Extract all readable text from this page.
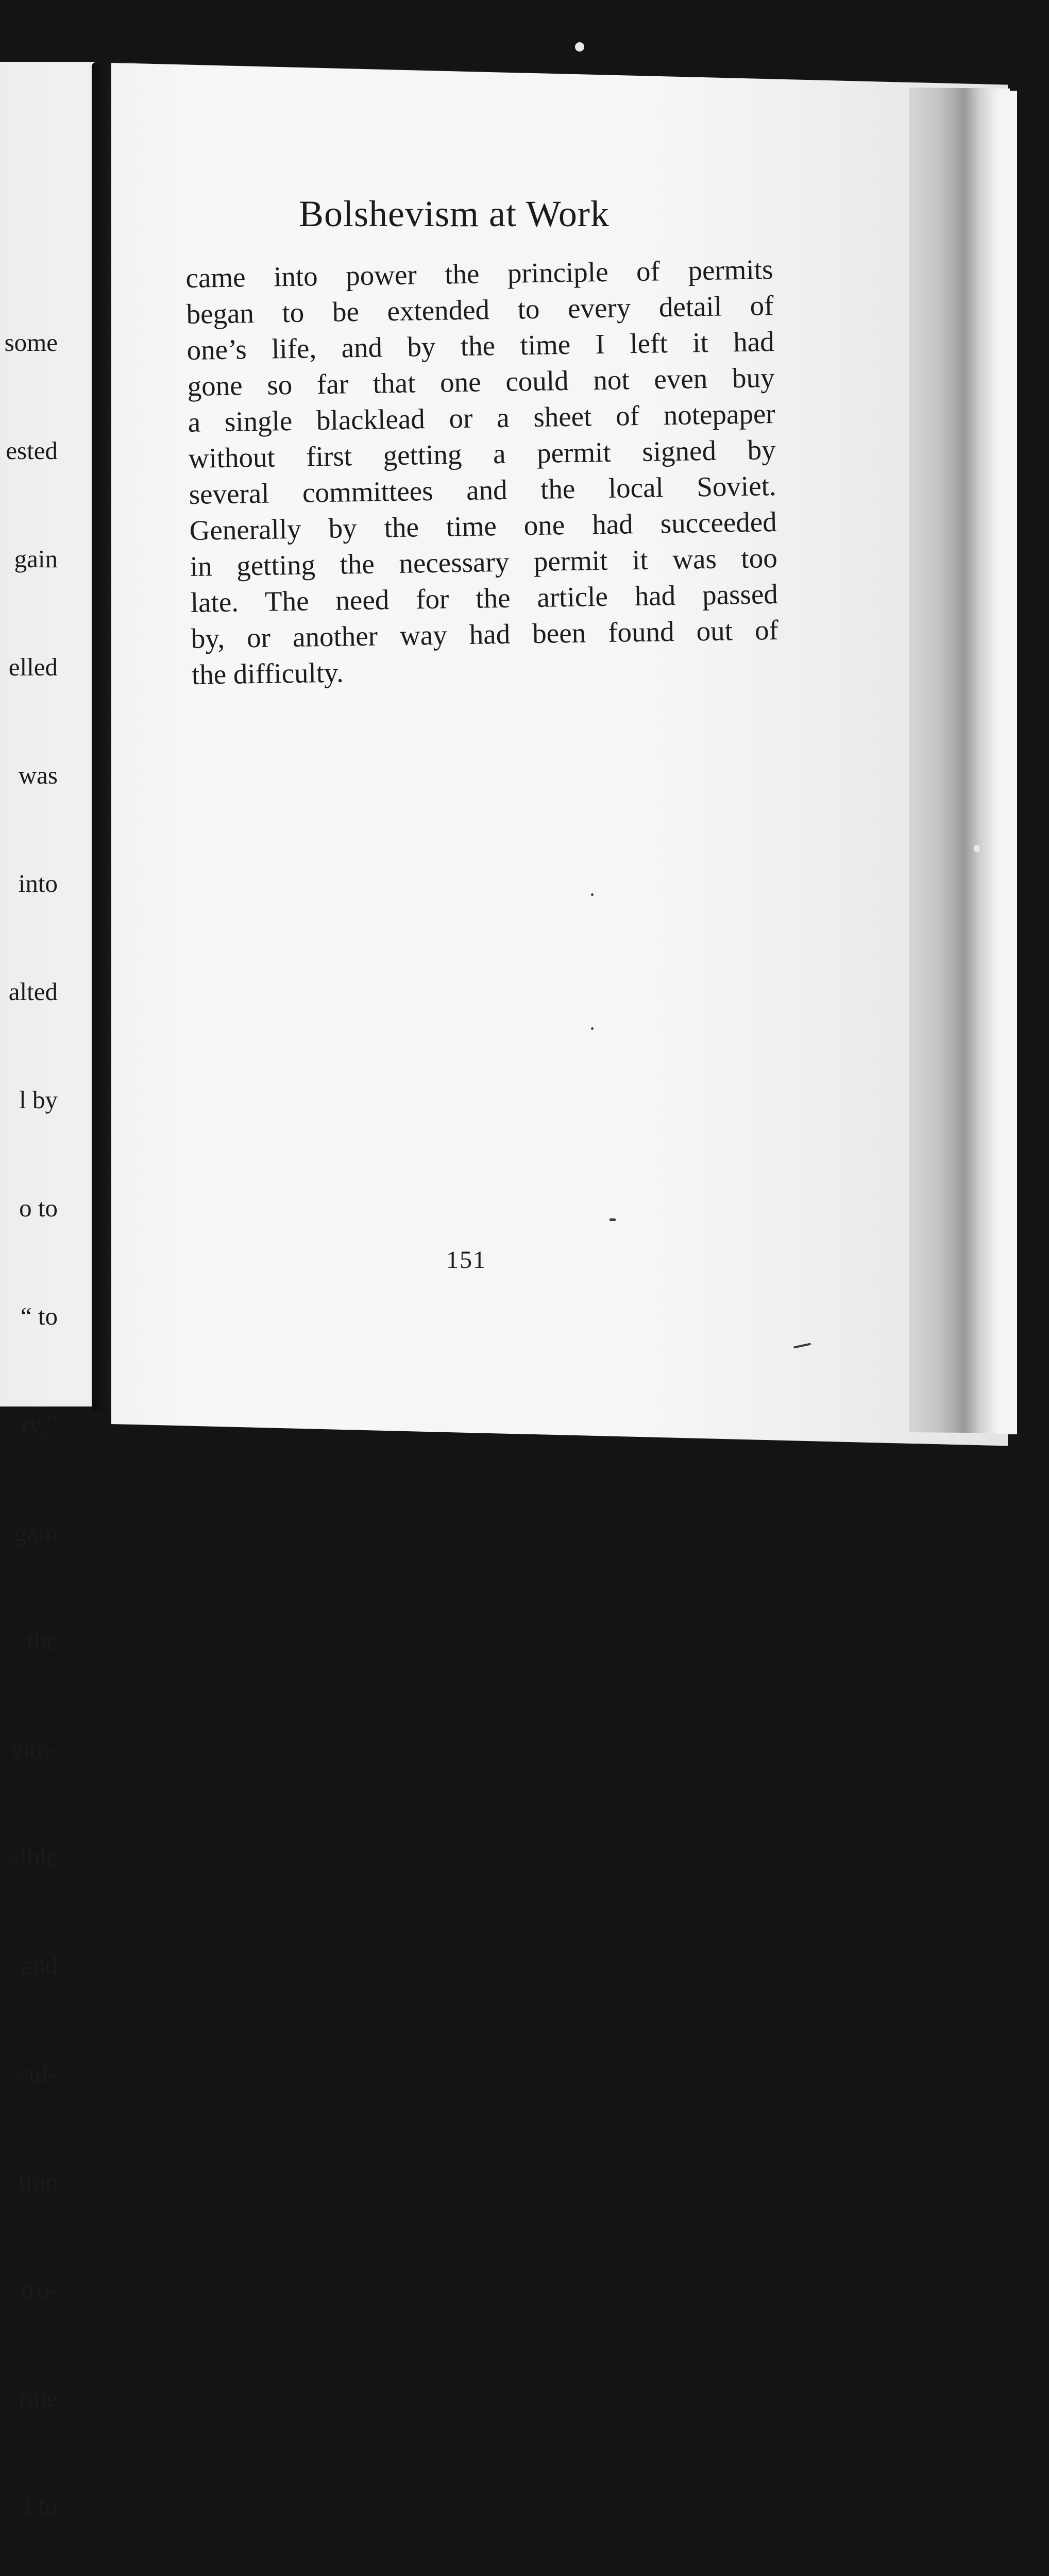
some

ested

gain

elled

was

into

alted

l by

o to

“ to

ry,”

gain

the

vith-

sible

add

suf-

tion

tro-

rine

l to

Bolshevism at Work
came into power the principle of permits
began to be extended to every detail of
one’s life, and by the time I left it had
gone so far that one could not even buy
a single blacklead or a sheet of notepaper
without first getting a permit signed by
several committees and the local Soviet.
Generally by the time one had succeeded
in getting the necessary permit it was too
late. The need for the article had passed
by, or another way had been found out of
the difficulty.
151
